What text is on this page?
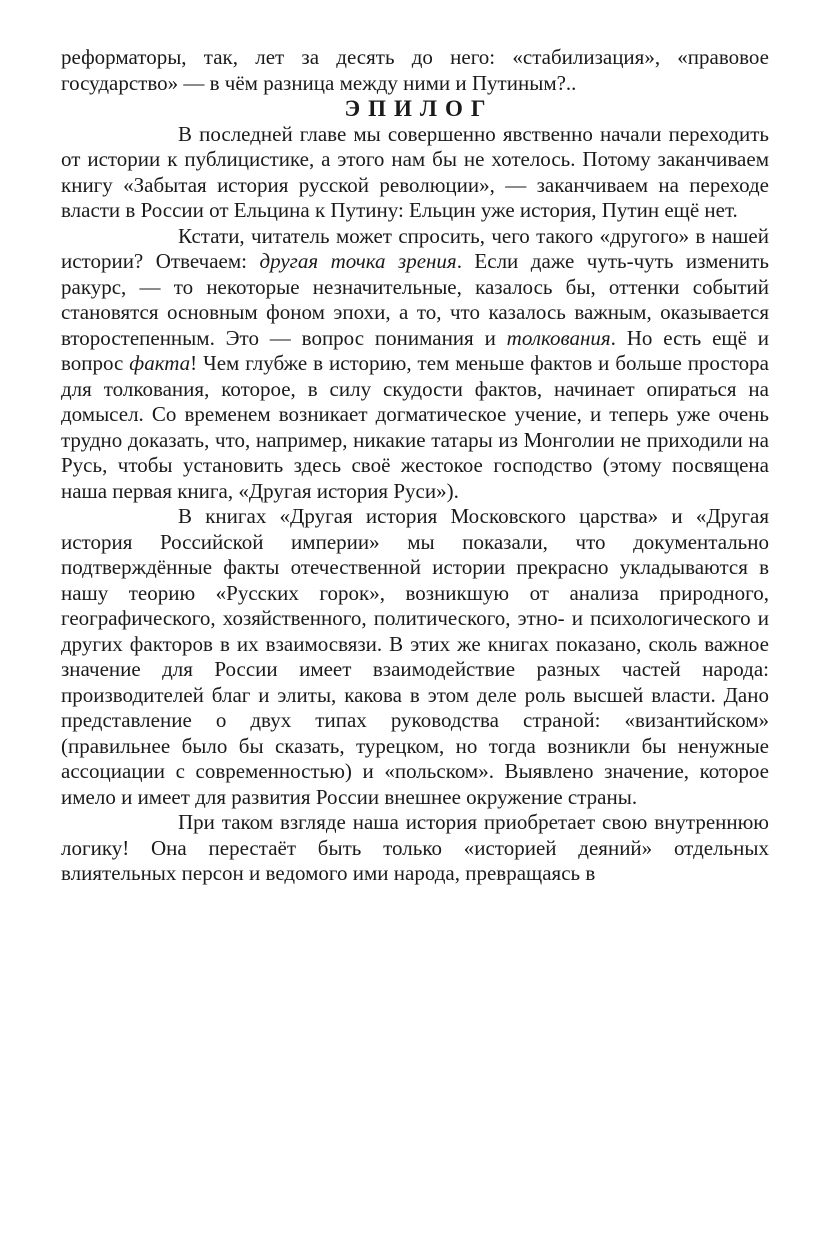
реформаторы, так, лет за десять до него: «стабилизация», «правовое государство» — в чём разница между ними и Путиным?..

ЭПИЛОГ

В последней главе мы совершенно явственно начали переходить от истории к публицистике, а этого нам бы не хотелось. Потому заканчиваем книгу «Забытая история русской революции», — заканчиваем на переходе власти в России от Ельцина к Путину: Ельцин уже история, Путин ещё нет.

Кстати, читатель может спросить, чего такого «другого» в нашей истории? Отвечаем: другая точка зрения. Если даже чуть-чуть изменить ракурс, — то некоторые незначительные, казалось бы, оттенки событий становятся основным фоном эпохи, а то, что казалось важным, оказывается второстепенным. Это — вопрос понимания и толкования. Но есть ещё и вопрос факта! Чем глубже в историю, тем меньше фактов и больше простора для толкования, которое, в силу скудости фактов, начинает опираться на домысел. Со временем возникает догматическое учение, и теперь уже очень трудно доказать, что, например, никакие татары из Монголии не приходили на Русь, чтобы установить здесь своё жестокое господство (этому посвящена наша первая книга, «Другая история Руси»).

В книгах «Другая история Московского царства» и «Другая история Российской империи» мы показали, что документально подтверждённые факты отечественной истории прекрасно укладываются в нашу теорию «Русских горок», возникшую от анализа природного, географического, хозяйственного, политического, этно- и психологического и других факторов в их взаимосвязи. В этих же книгах показано, сколь важное значение для России имеет взаимодействие разных частей народа: производителей благ и элиты, какова в этом деле роль высшей власти. Дано представление о двух типах руководства страной: «византийском» (правильнее было бы сказать, турецком, но тогда возникли бы ненужные ассоциации с современностью) и «польском». Выявлено значение, которое имело и имеет для развития России внешнее окружение страны.

При таком взгляде наша история приобретает свою внутреннюю логику! Она перестаёт быть только «историей деяний» отдельных влиятельных персон и ведомого ими народа, превращаясь в
